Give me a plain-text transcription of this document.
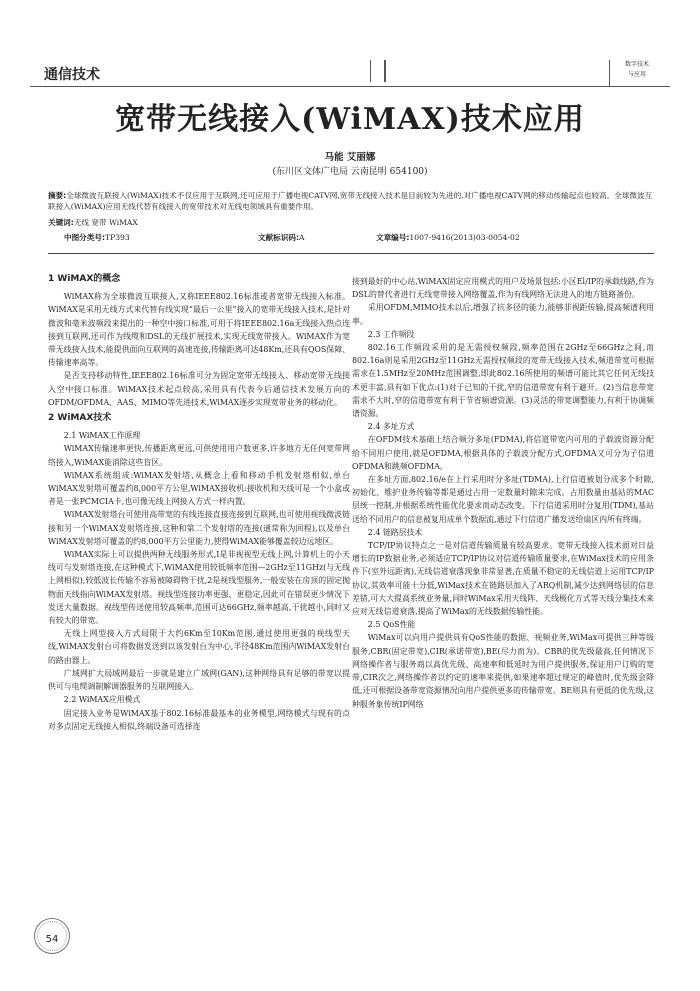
通信技术
数字技术
与应用
宽带无线接入(WiMAX)技术应用
马能 艾丽娜
(东川区文体广电局 云南昆明 654100)
摘要:全球微波互联接入(WiMAX)技术不仅应用于互联网,还可应用于广播电视CATV网,宽带无线接入技术是目前较为先进的,对广播电视CATV网的移动传输起点也较高。全球微波互联接入(WiMAX)应用无线代替有线接入的宽带技术对无线电领域具有重要作用。
关键词:无线 宽带 WiMAX
中图分类号:TP393	文献标识码:A	文章编号:1007-9416(2013)03-0054-02
1 WiMAX的概念

WiMAX称为全球微波互联接入,又称IEEE802.16标准或者宽带无线接入标准。WiMAX是采用无线方式来代替有线实现“最后一公里”接入的宽带无线接入技术,是针对微波和毫米波频段来提出的一种空中接口标准,可用于将IEEE802.16a无线接入热点连接到互联网,还可作为线缆和DSL的无线扩展技术,实现无线宽带接入。WiMAX作为宽带无线接入技术,能提供面向互联网的高速连接,传输距离可达48Km,还具有QOS保障、传输速率高等。

是否支持移动特性,IEEE802.16标准可分为固定宽带无线接入、移动宽带无线接入空中接口标准。WiMAX技术起点较高,采用具有代表今后通信技术发展方向的OFDM/OFDMA、AAS、MIMO等先进技术,WiMAX逐步实现宽带业务的移动化。

2 WiMAX技术

2.1 WiMAX工作原理

WiMAX传输速率更快,传播距离更远,可供使用用户数更多,许多地方无任何宽带网络接入,WiMAX能消除这些盲区。

WiMAX系统组成:WiMAX发射塔,从概念上看和移动手机发射塔相似,单台WiMAX发射塔可覆盖约8,000平方公里,WiMAX接收机:接收机和天线可是一个小盒或者是一张PCMCIA卡,也可像无线上网接入方式一样内置。

WiMAX发射塔台可使用高带宽的有线连接直接连接到互联网,也可使用视线微波链接和另一个WiMAX发射塔连接,这种和第二个发射塔的连接(通常称为回程),以及单台WiMAX发射塔可覆盖的约8,000平方公里能力,使得WiMAX能够覆盖较边远地区。

WiMAX实际上可以提供两种无线服务形式,I是非视视型无线上网,计算机上的小天线可与发射塔连接,在这种模式下,WiMAX使用较低频率范围—2GHz至11GHz(与无线上网相似),较低波长传输不容易被障碍物干扰,2是视线型服务,一般安装在房顶的固定抛物面天线指向WiMAX发射塔。视线型连接功率更强、更稳定,因此可在错误更少情况下发送大量数据。视线型传送使用较高频率,范围可达66GHz,频率越高,干扰越小,同时又有较大的带宽。

无线上网型接入方式局限于大约6Km至10Km范围,通过使用更强的视线型天线,WiMAX发射台可将数据发送到以该发射台为中心,半径48Km范围内WiMAX发射台的路由器上。

广域网扩大局域网最后一步就是建立广域网(GAN),这种网络具有足够的带宽以提供可与电缆调制解调器服务的互联网接入。

2.2 WiMAX应用模式

固定接入业务是WiMAX基于802.16标准最基本的业务模型,网络模式与现有的点对多点固定无线接入相似,终端设备可选择连

接到最好的中心站,WiMAX固定应用模式的用户及场景包括:小区El/IP的承载线路,作为DSL的替代者进行无线宽带接入网络覆盖,作为有线网络无法进入的地方链路备份。

采用OFDM,MIMO技术以后,增强了抗多径的能力,能够非视距传输,提高频谱利用率。

2.3 工作频段

802.16工作频段采用的是无需授权频段,频率范围在2GHz至66GHz之间,而802.16a则是采用2GHz至11GHz无需授权频段的宽带无线接入技术,频道带宽可根据需求在1.5MHz至20MHz范围调整,即此802.16所使用的频谱可能比其它任何无线技术更丰富,具有如下优点:(1)对于已知的干扰,窄的信道带宽有利于避开。(2)当信息带宽需求不大时,窄的信道带宽有利于节省频谱资源。(3)灵活的带宽调整能力,有利于协调频谱资源。

2.4 多址方式

在OFDM技术基础上结合频分多址(FDMA),将信道带宽内可用的子载波资源分配给不同用户使用,就是OFDMA,根据具体的子载波分配方式,OFDMA又可分为子信道OFDMA和跳频OFDMA。

在多址方面,802.16/e在上行采用时分多址(TDMA),上行信道被划分成多个时隙,初始化、维护业务传输等都是通过占用一定数量时隙来完成。占用数量由基站的MAC层统一控制,并根据系统性能优化要求而动态改变。下行信道采用时分复用(TDM),基站送给不同用户的信息被复用成单个数据流,通过下行信道广播发送给扇区内所有终端。

2.4 链路层技术

TCP/IP协议特点之一是对信道传输质量有较高要求。宽带无线接入技术面对日益增长的IP数据业务,必须适应TCP/IP协议对信道传输质量要求,在WiMax技术的应用条件下(室外远距离),无线信道衰落现象非常显著,在质量不稳定的无线信道上运用TCP/IP协议,其效率可能十分低,WiMax技术在链路层加入了ARQ机制,减少达到网络层的信息差错,可大大提高系统业务量,同时WiMax采用天线阵、天线极化方式等天线分集技术来应对无线信道衰落,提高了WiMax的无线数据传输性能。

2.5 QoS性能

WiMax可以向用户提供具有QoS性能的数据、视频业务,WiMax可提供三种等级服务,CBR(固定带宽),CIR(承诺带宽),BE(尽力而为)。CBR的优先级最高,任何情况下网络操作者与服务商以高优先级、高速率和低延时为用户提供服务,保证用户订购的宽带,CIR次之,网络操作者以约定的速率来提供,如果速率超过规定的峰值时,优先级会降低,还可根据设备带宽资源情况向用户提供更多的传输带宽。BE则具有更低的优先级,这种服务象传统IP网络

54
